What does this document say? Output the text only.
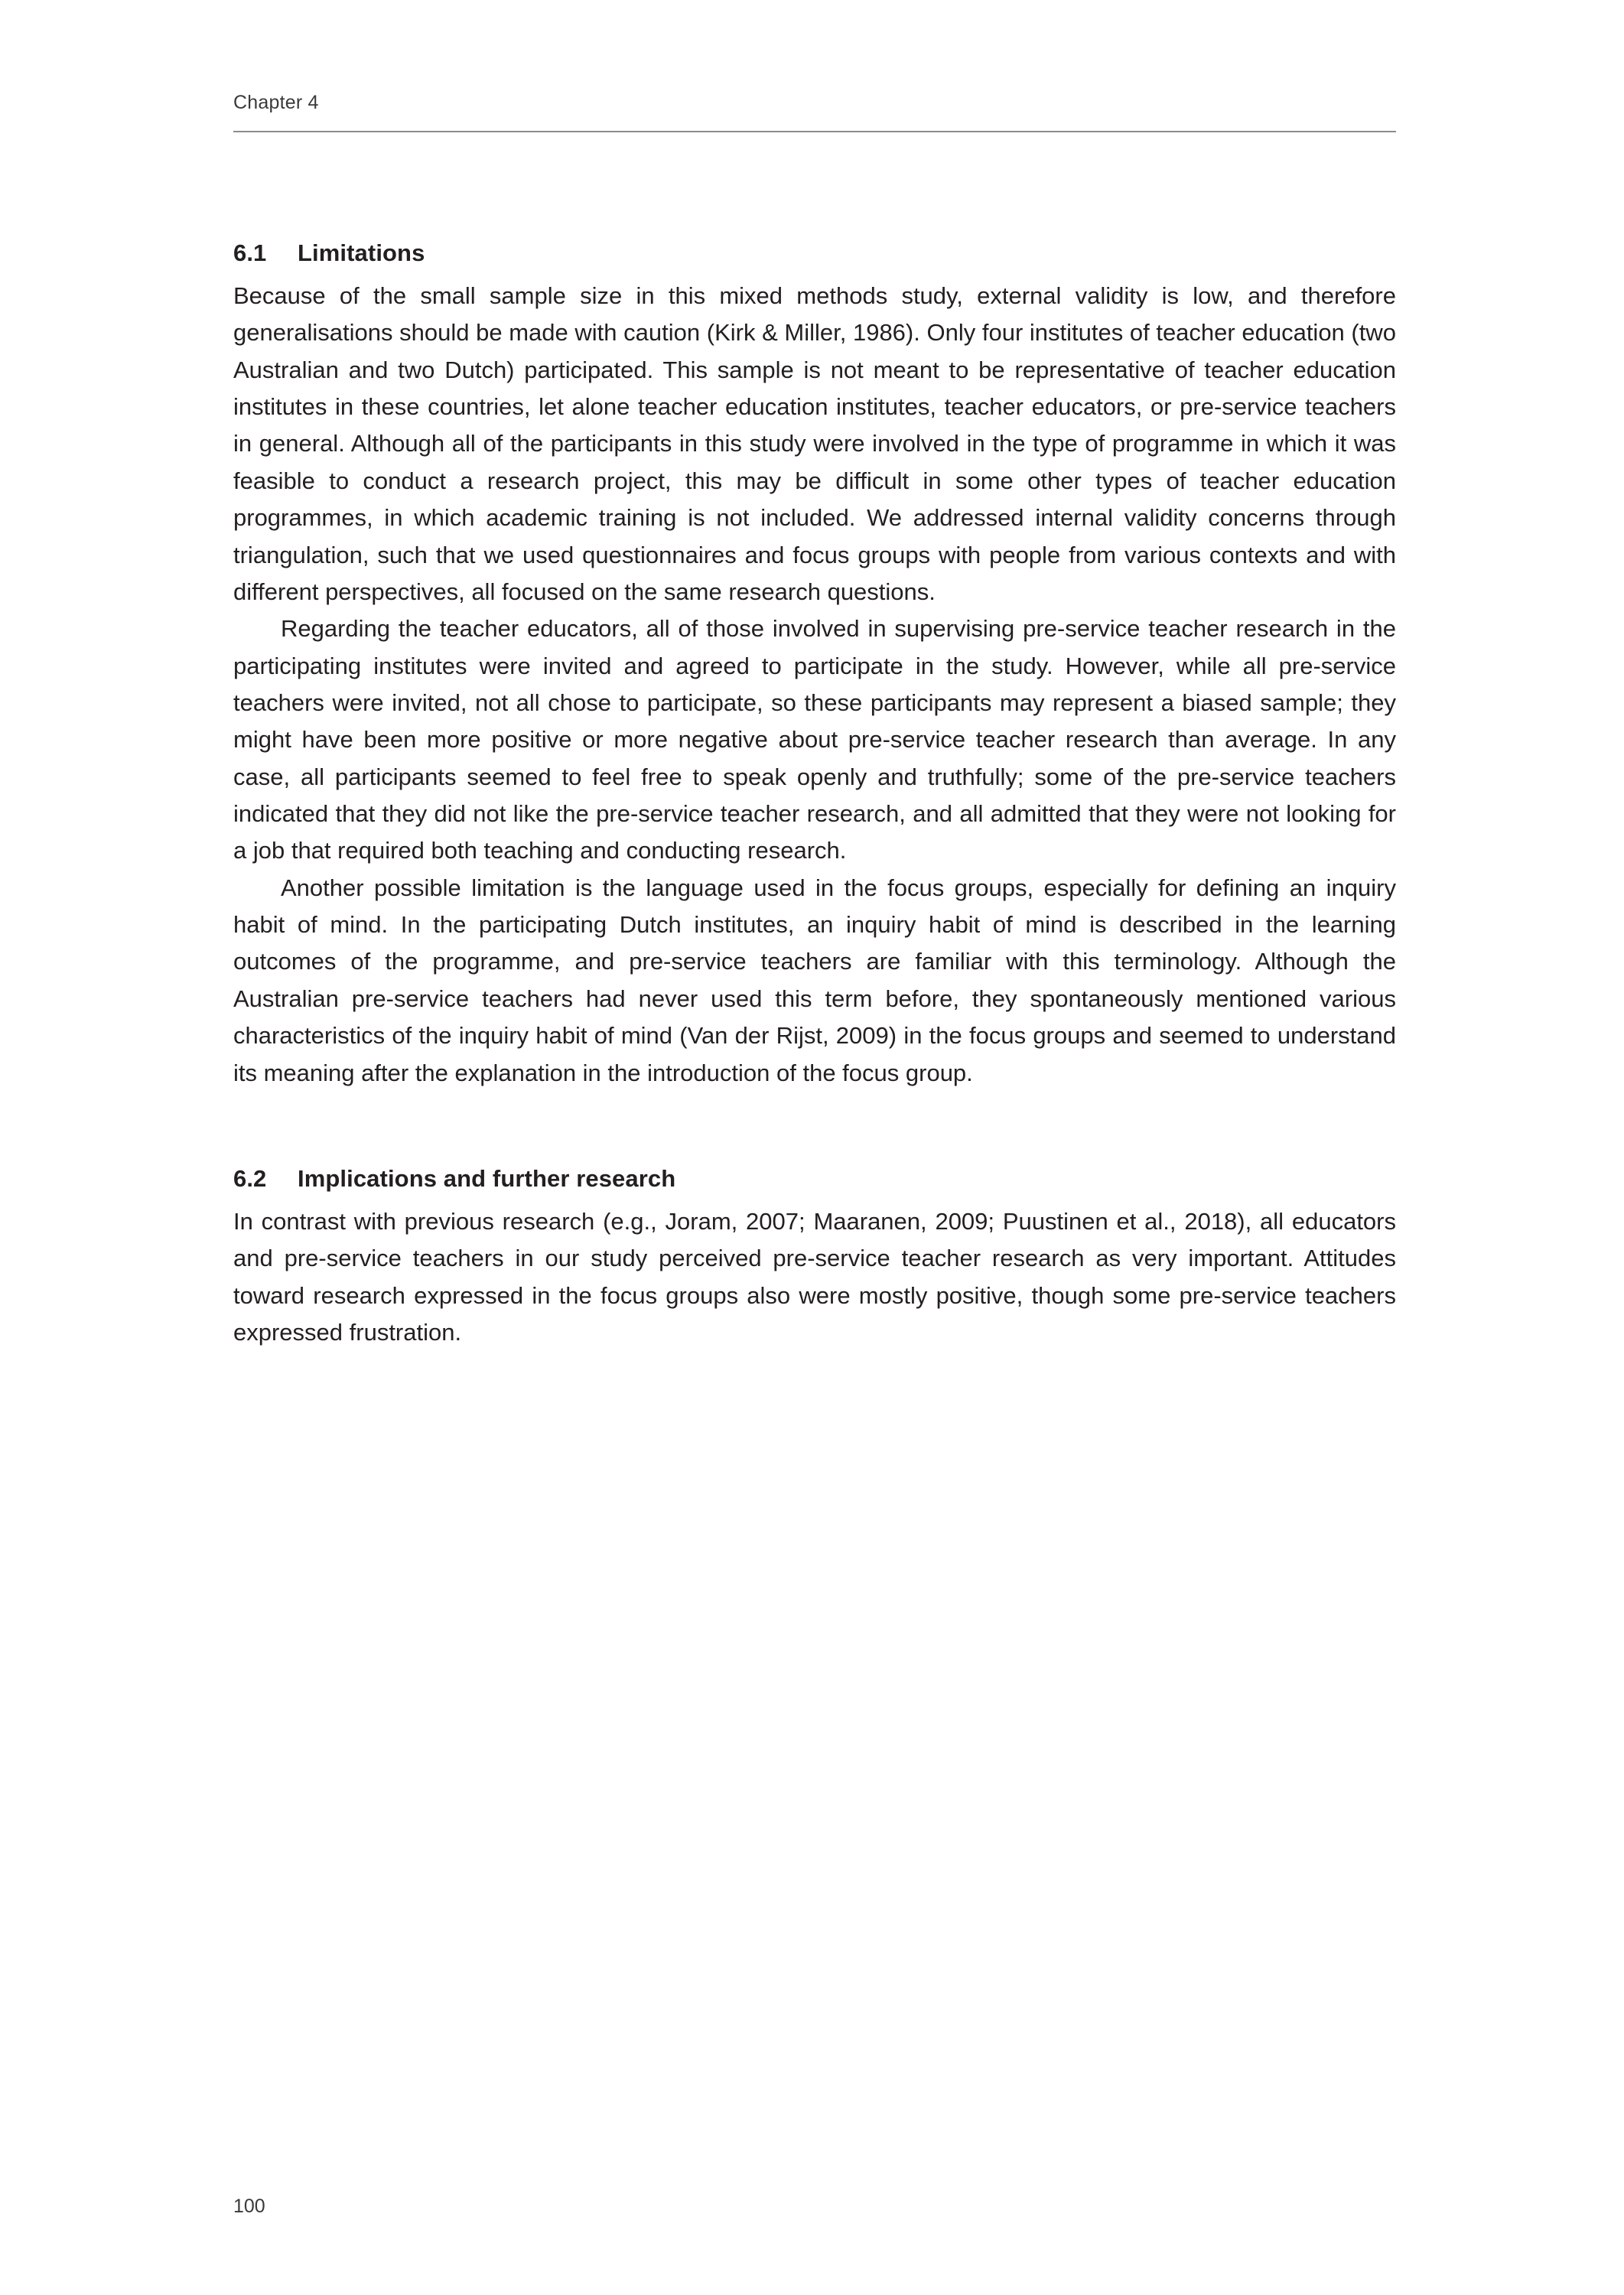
Chapter 4
6.1 Limitations

Because of the small sample size in this mixed methods study, external validity is low, and therefore generalisations should be made with caution (Kirk & Miller, 1986). Only four institutes of teacher education (two Australian and two Dutch) participated. This sample is not meant to be representative of teacher education institutes in these countries, let alone teacher education institutes, teacher educators, or pre-service teachers in general. Although all of the participants in this study were involved in the type of programme in which it was feasible to conduct a research project, this may be difficult in some other types of teacher education programmes, in which academic training is not included. We addressed internal validity concerns through triangulation, such that we used questionnaires and focus groups with people from various contexts and with different perspectives, all focused on the same research questions.

Regarding the teacher educators, all of those involved in supervising pre-service teacher research in the participating institutes were invited and agreed to participate in the study. However, while all pre-service teachers were invited, not all chose to participate, so these participants may represent a biased sample; they might have been more positive or more negative about pre-service teacher research than average. In any case, all participants seemed to feel free to speak openly and truthfully; some of the pre-service teachers indicated that they did not like the pre-service teacher research, and all admitted that they were not looking for a job that required both teaching and conducting research.

Another possible limitation is the language used in the focus groups, especially for defining an inquiry habit of mind. In the participating Dutch institutes, an inquiry habit of mind is described in the learning outcomes of the programme, and pre-service teachers are familiar with this terminology. Although the Australian pre-service teachers had never used this term before, they spontaneously mentioned various characteristics of the inquiry habit of mind (Van der Rijst, 2009) in the focus groups and seemed to understand its meaning after the explanation in the introduction of the focus group.

6.2 Implications and further research

In contrast with previous research (e.g., Joram, 2007; Maaranen, 2009; Puustinen et al., 2018), all educators and pre-service teachers in our study perceived pre-service teacher research as very important. Attitudes toward research expressed in the focus groups also were mostly positive, though some pre-service teachers expressed frustration.

100
